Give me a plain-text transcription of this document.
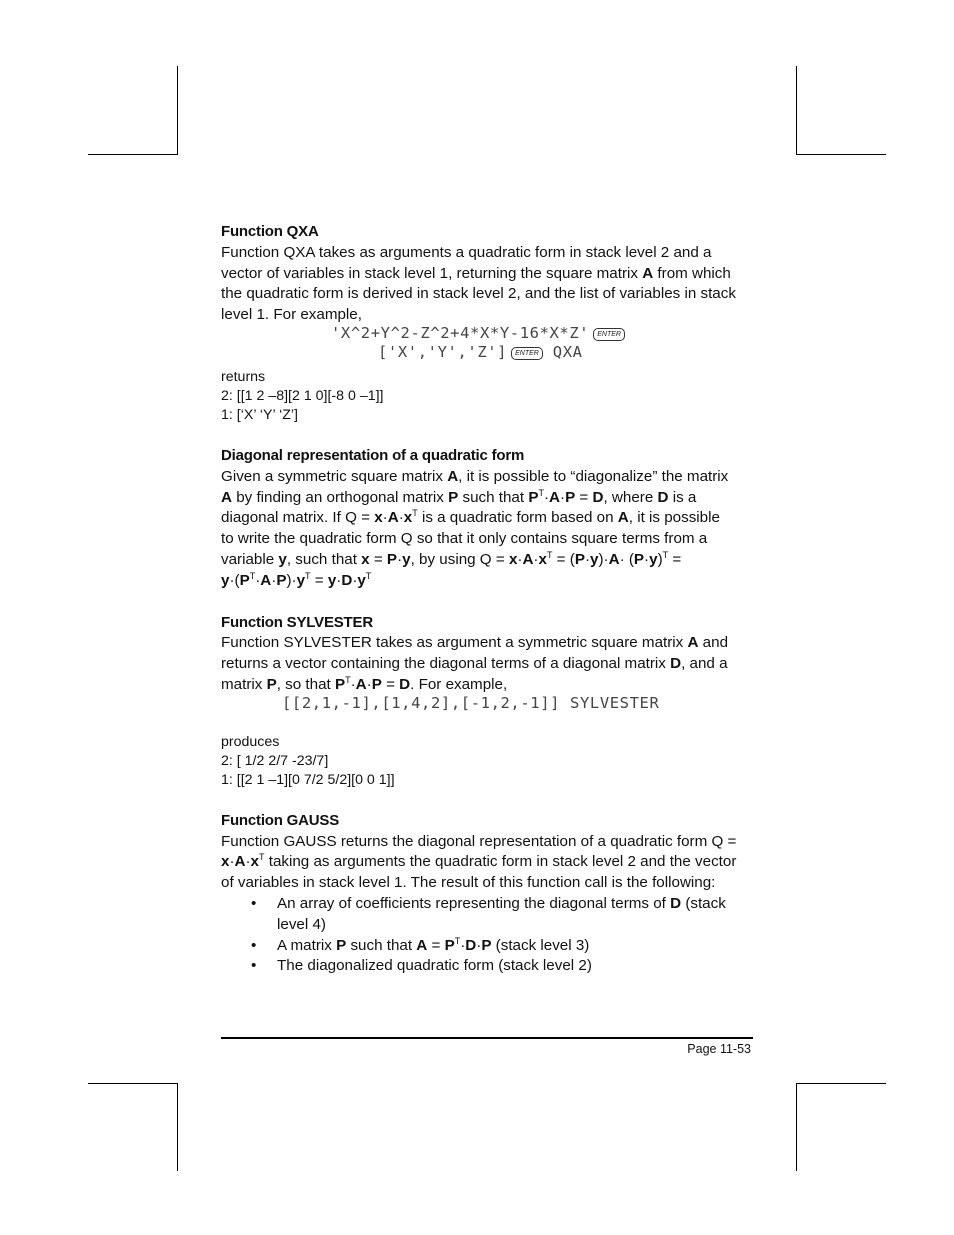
Function QXA

Function QXA takes as arguments a quadratic form in stack level 2 and a

vector of variables in stack level 1, returning the square matrix A from which

the quadratic form is derived in stack level 2, and the list of variables in stack

level 1. For example,

'X^2+Y^2-Z^2+4*X*Y-16*X*Z' ENTER
['X','Y','Z'] ENTER QXA

returns

2: [[1 2 –8][2 1 0][-8 0 –1]]

1: [‘X’ ‘Y’ ‘Z’]

Diagonal representation of a quadratic form

Given a symmetric square matrix A, it is possible to “diagonalize” the matrix

A by finding an orthogonal matrix P such that $P^T\cdot A\cdot P = D$, where D is a

diagonal matrix. If $Q = x\cdot A\cdot x^T$ is a quadratic form based on A, it is possible

to write the quadratic form Q so that it only contains square terms from a

variable y, such that x = P·y, by using $Q = x\cdot A\cdot x^T = (P\cdot y)\cdot A\cdot (P\cdot y)^T$ =

$y\cdot(P^T\cdot A\cdot P)\cdot y^T = y\cdot D\cdot y^T$

Function SYLVESTER

Function SYLVESTER takes as argument a symmetric square matrix A and

returns a vector containing the diagonal terms of a diagonal matrix D, and a

matrix P, so that $P^T\cdot A\cdot P = D$. For example,

[[2,1,-1],[1,4,2],[-1,2,-1]] SYLVESTER

produces

2: [ 1/2 2/7 -23/7]

1: [[2 1 –1][0 7/2 5/2][0 0 1]]

Function GAUSS

Function GAUSS returns the diagonal representation of a quadratic form Q =

$x\cdot A\cdot x^T$ taking as arguments the quadratic form in stack level 2 and the vector

of variables in stack level 1. The result of this function call is the following:

• An array of coefficients representing the diagonal terms of D (stack
level 4)
• A matrix P such that $A = P^T\cdot D\cdot P$ (stack level 3)
• The diagonalized quadratic form (stack level 2)
Page 11-53
